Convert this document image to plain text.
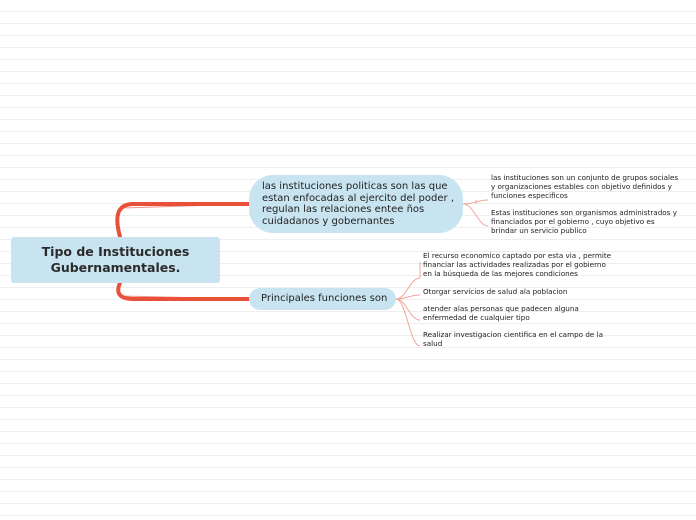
Tipo de Instituciones
Gubernamentales.
las instituciones politicas son las que estan enfocadas al ejercito del poder , regulan las relaciones entee ños cuidadanos y gobernantes
Principales funciones son
las instituciones son un conjunto de grupos sociales y organizaciones estables con objetivo definidos y funciones especificos
Estas instituciones son organismos administrados y financiados por el gobierno , cuyo objetivo es brindar un servicio publico
El recurso economico captado por esta via , permite financiar las actividades realizadas por el gobierno en la búsqueda de las mejores condiciones
Otorgar servicios de salud ala poblacion
atender alas personas que padecen alguna enfermedad de cualquier tipo
Realizar investigacion cientifica en el campo de la salud
